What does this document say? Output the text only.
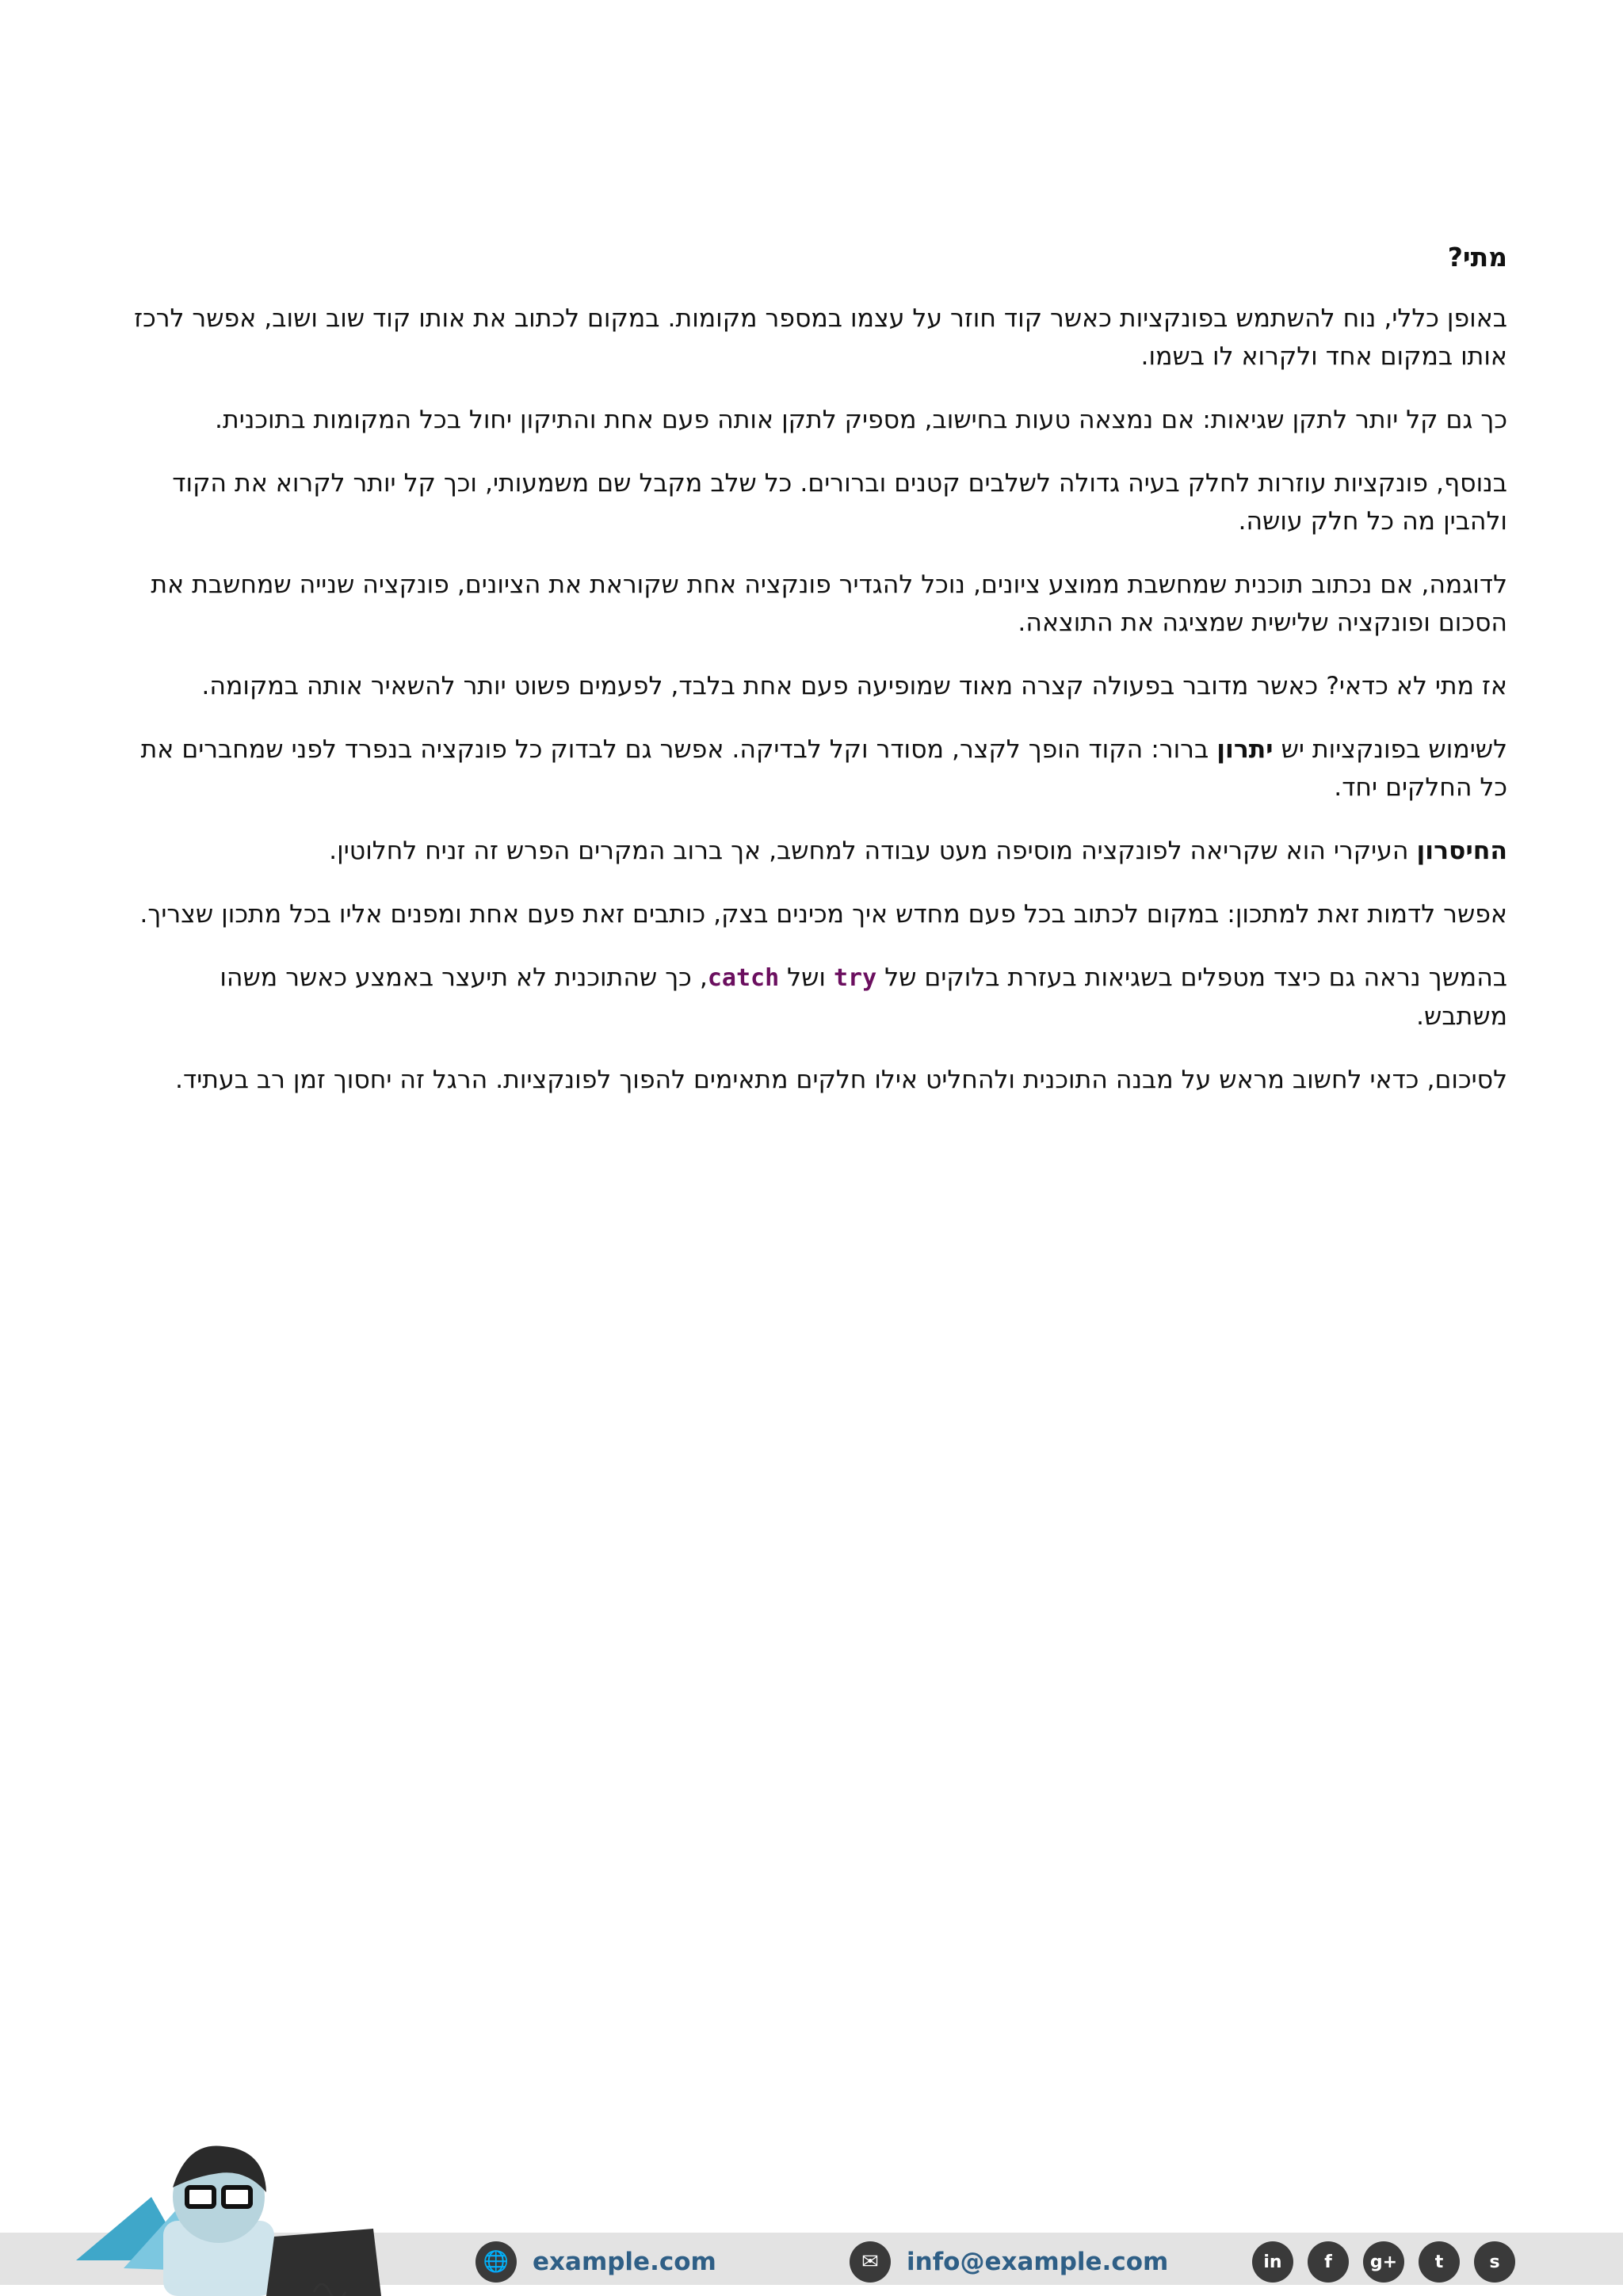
מתי?

באופן כללי, נוח להשתמש בפונקציות כאשר קוד חוזר על עצמו במספר מקומות. במקום לכתוב את אותו קוד שוב ושוב, אפשר לרכז אותו במקום אחד ולקרוא לו בשמו.

כך גם קל יותר לתקן שגיאות: אם נמצאה טעות בחישוב, מספיק לתקן אותה פעם אחת והתיקון יחול בכל המקומות בתוכנית.

בנוסף, פונקציות עוזרות לחלק בעיה גדולה לשלבים קטנים וברורים. כל שלב מקבל שם משמעותי, וכך קל יותר לקרוא את הקוד ולהבין מה כל חלק עושה.

לדוגמה, אם נכתוב תוכנית שמחשבת ממוצע ציונים, נוכל להגדיר פונקציה אחת שקוראת את הציונים, פונקציה שנייה שמחשבת את הסכום ופונקציה שלישית שמציגה את התוצאה.

אז מתי לא כדאי? כאשר מדובר בפעולה קצרה מאוד שמופיעה פעם אחת בלבד, לפעמים פשוט יותר להשאיר אותה במקומה.

לשימוש בפונקציות יש יתרון ברור: הקוד הופך לקצר, מסודר וקל לבדיקה. אפשר גם לבדוק כל פונקציה בנפרד לפני שמחברים את כל החלקים יחד.

החיסרון העיקרי הוא שקריאה לפונקציה מוסיפה מעט עבודה למחשב, אך ברוב המקרים הפרש זה זניח לחלוטין.

אפשר לדמות זאת למתכון: במקום לכתוב בכל פעם מחדש איך מכינים בצק, כותבים זאת פעם אחת ומפנים אליו בכל מתכון שצריך.

בהמשך נראה גם כיצד מטפלים בשגיאות בעזרת בלוקים של try ושל catch, כך שהתוכנית לא תיעצר באמצע כאשר משהו משתבש.

לסיכום, כדאי לחשוב מראש על מבנה התוכנית ולהחליט אילו חלקים מתאימים להפוך לפונקציות. הרגל זה יחסוך זמן רב בעתיד.

🌐 example.com	✉	info@example.com	in	f	g+	t	s
